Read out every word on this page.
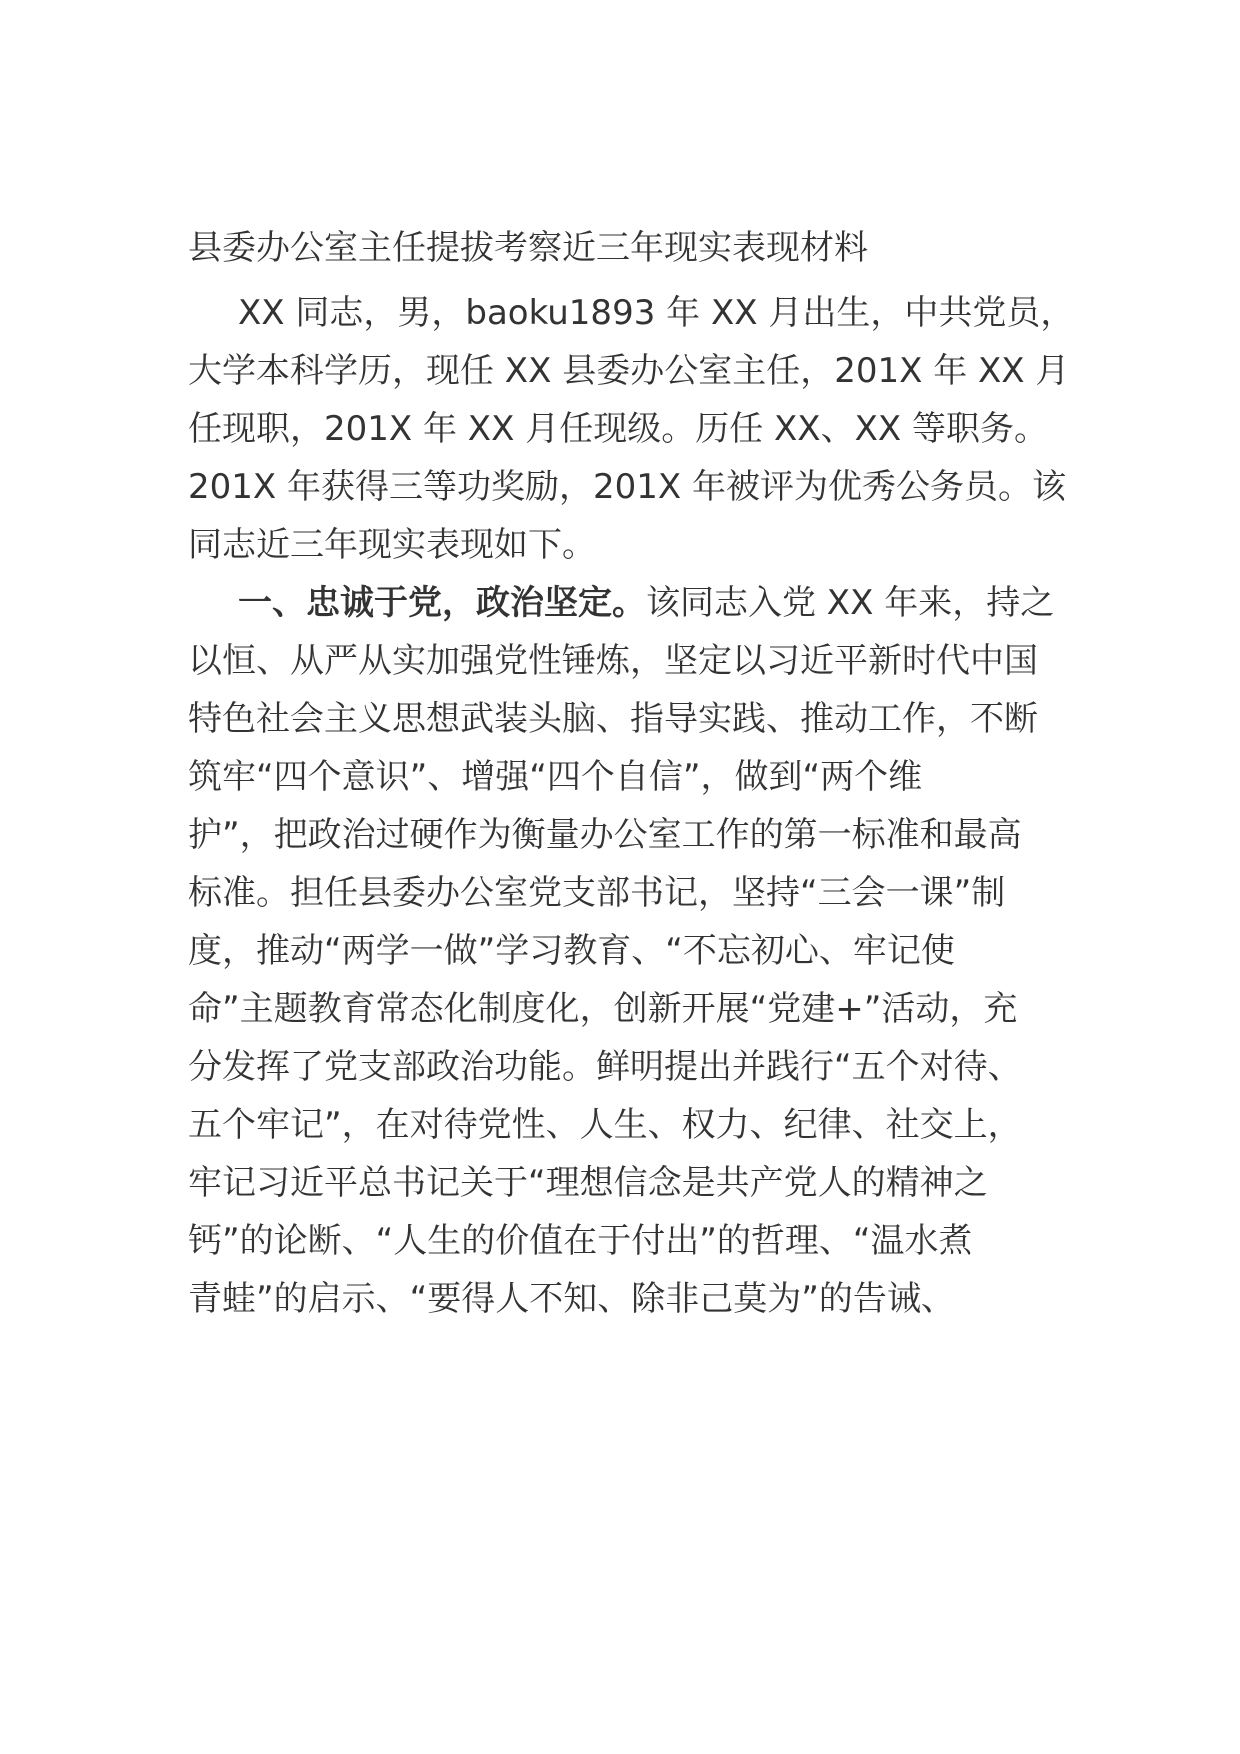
县委办公室主任提拔考察近三年现实表现材料

XX 同志，男，baoku1893 年 XX 月出生，中共党员，

大学本科学历，现任 XX 县委办公室主任，201X 年 XX 月

任现职，201X 年 XX 月任现级。历任 XX、XX 等职务。

201X 年获得三等功奖励，201X 年被评为优秀公务员。该

同志近三年现实表现如下。

一、忠诚于党，政治坚定。该同志入党 XX 年来，持之

以恒、从严从实加强党性锤炼，坚定以习近平新时代中国

特色社会主义思想武装头脑、指导实践、推动工作，不断

筑牢“四个意识”、增强“四个自信”，做到“两个维

护”，把政治过硬作为衡量办公室工作的第一标准和最高

标准。担任县委办公室党支部书记，坚持“三会一课”制

度，推动“两学一做”学习教育、“不忘初心、牢记使

命”主题教育常态化制度化，创新开展“党建+”活动，充

分发挥了党支部政治功能。鲜明提出并践行“五个对待、

五个牢记”，在对待党性、人生、权力、纪律、社交上，

牢记习近平总书记关于“理想信念是共产党人的精神之

钙”的论断、“人生的价值在于付出”的哲理、“温水煮

青蛙”的启示、“要得人不知、除非己莫为”的告诫、
